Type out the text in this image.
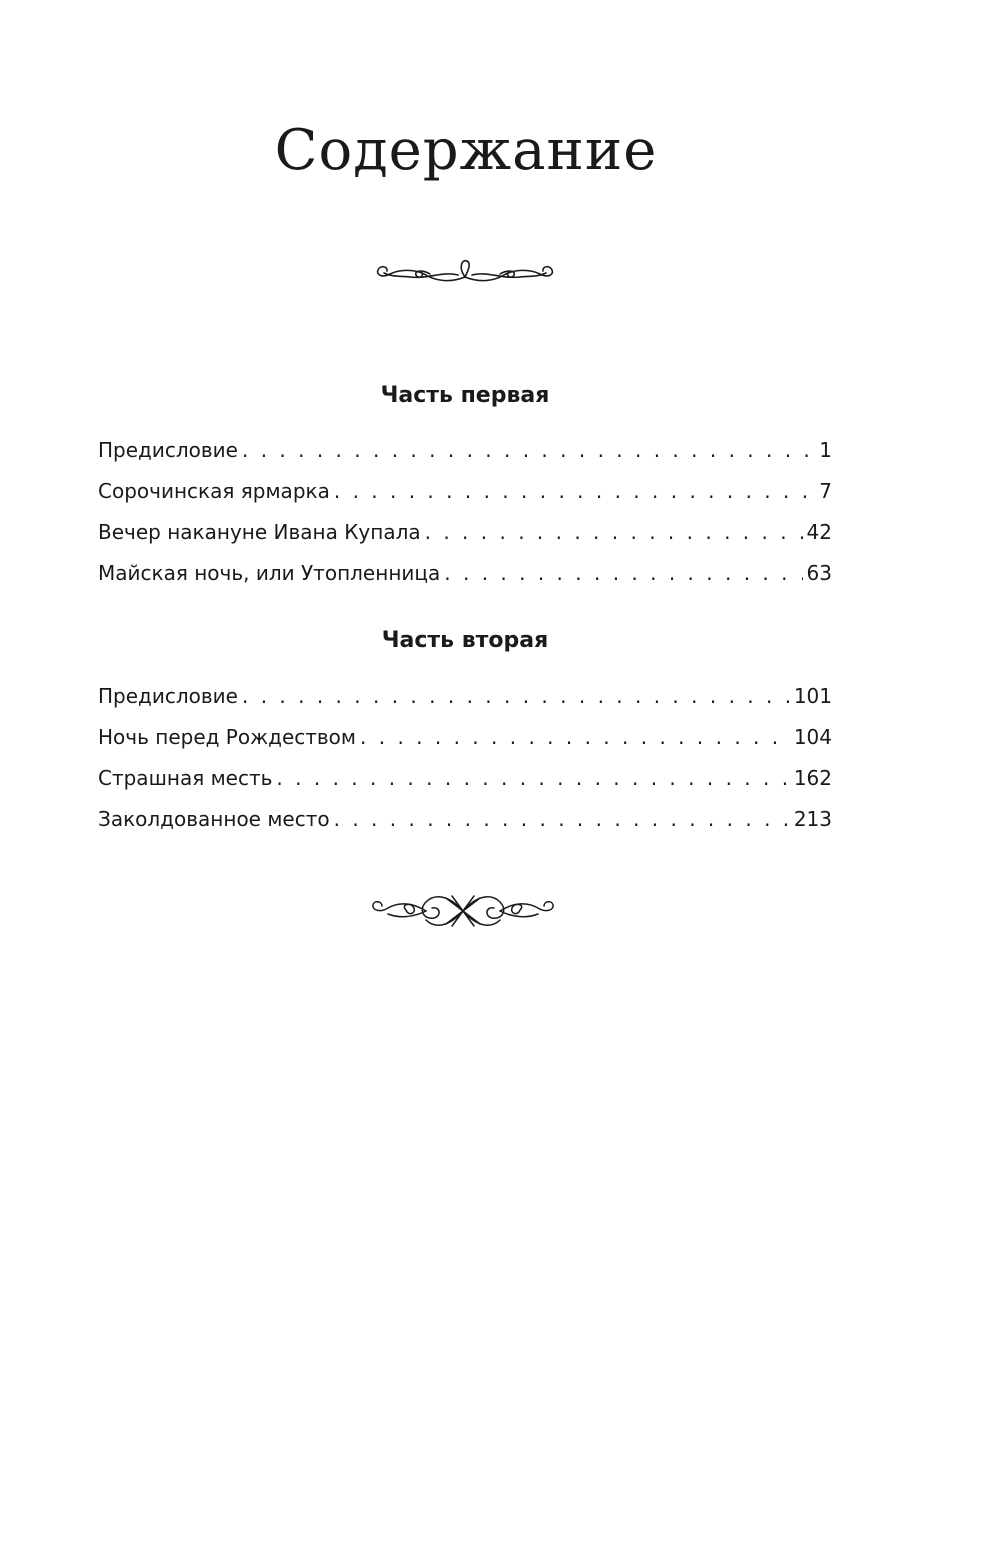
Содержание
Часть первая
Предисловие . . .	1
Сорочинская ярмарка . . .	7
Вечер накануне Ивана Купала . . .	42
Майская ночь, или Утопленница . . .	63
Часть вторая
Предисловие . . .	101
Ночь перед Рождеством . . .	104
Страшная месть . . .	162
Заколдованное место . . .	213
